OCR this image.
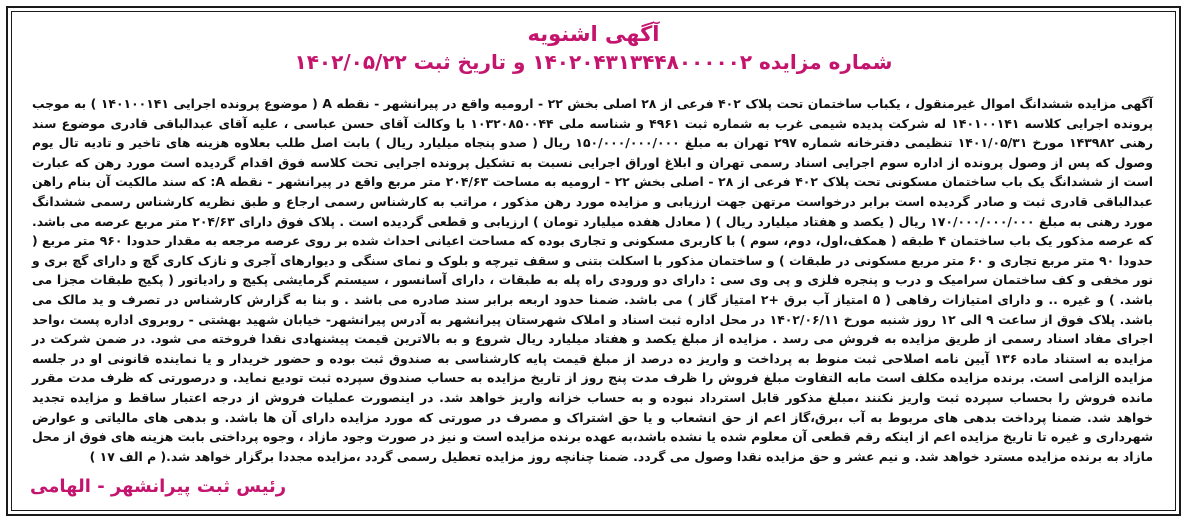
آگهی اشنویه
شماره مزایده ۱۴۰۲۰۴۳۱۳۴۴۸۰۰۰۰۰۲ و تاریخ ثبت ۱۴۰۲/۰۵/۲۲

آگهی مزایده ششدانگ اموال غیرمنقول ، یکباب ساختمان تحت پلاک ۴۰۲ فرعی از ۲۸ اصلی بخش ۲۲ - ارومیه واقع در پیرانشهر - نقطه A ( موضوع پرونده اجرایی ۱۴۰۱۰۰۱۴۱ ) به موجب پرونده اجرایی کلاسه ۱۴۰۱۰۰۱۴۱ له شرکت پدیده شیمی غرب به شماره ثبت ۴۹۶۱ و شناسه ملی ۱۰۳۲۰۸۵۰۰۴۴ با وکالت آقای حسن عباسی ، علیه آقای عبدالباقی قادری موضوع سند رهنی ۱۴۳۹۸۲ مورخ ۱۴۰۱/۰۵/۳۱ تنظیمی دفترخانه شماره ۲۹۷ تهران به مبلغ ۱۵۰/۰۰۰/۰۰۰/۰۰۰ ریال ( صدو پنجاه میلیارد ریال ) بابت اصل طلب بعلاوه هزینه های تاخیر و تادیه تال یوم وصول که پس از وصول پرونده از اداره سوم اجرایی اسناد رسمی تهران و ابلاغ اوراق اجرایی نسبت به تشکیل پرونده اجرایی تحت کلاسه فوق اقدام گردیده است مورد رهن که عبارت است از ششدانگ یک باب ساختمان مسکونی تحت پلاک ۴۰۲ فرعی از ۲۸ - اصلی بخش ۲۲ - ارومیه به مساحت ۲۰۴/۶۳ متر مربع واقع در پیرانشهر - نقطه A: که سند مالکیت آن بنام راهن عبدالباقی قادری ثبت و صادر گردیده است برابر درخواست مرتهن جهت ارزیابی و مزایده مورد رهن مذکور ، مراتب به کارشناس رسمی ارجاع و طبق نظریه کارشناس رسمی ششدانگ مورد رهنی به مبلغ ۱۷۰/۰۰۰/۰۰۰/۰۰۰ ریال ( یکصد و هفتاد میلیارد ریال ) ( معادل هفده میلیارد تومان ) ارزیابی و قطعی گردیده است . پلاک فوق دارای ۲۰۴/۶۳ متر مربع عرصه می باشد. که عرصه مذکور یک باب ساختمان ۴ طبقه ( همکف،اول، دوم، سوم ) با کاربری مسکونی و تجاری بوده که مساحت اعیانی احداث شده بر روی عرصه مرجعه به مقدار حدودا ۹۶۰ متر مربع ( حدودا ۹۰ متر مربع تجاری و ۶۰ متر مربع مسکونی در طبقات ) و ساختمان مذکور با اسکلت بتنی و سقف تیرچه و بلوک و نمای سنگی و دیوارهای آجری و نازک کاری گچ و دارای گچ بری و نور مخفی و کف ساختمان سرامیک و درب و پنجره فلزی و پی وی سی : دارای دو ورودی راه پله به طبقات ، دارای آسانسور ، سیستم گرمایشی پکیج و رادیاتور ( پکیج طبقات مجزا می باشد. ) و غیره .. و دارای امتیازات رفاهی ( ۵ امتیاز آب برق +۲ امتیاز گاز ) می باشد. ضمنا حدود اربعه برابر سند صادره می باشد . و بنا به گزارش کارشناس در تصرف و ید مالک می باشد. پلاک فوق از ساعت ۹ الی ۱۲ روز شنبه مورخ ۱۴۰۲/۰۶/۱۱ در محل اداره ثبت اسناد و املاک شهرستان پیرانشهر به آدرس پیرانشهر- خیابان شهید بهشتی - روبروی اداره پست ،واحد اجرای مفاد اسناد رسمی از طریق مزایده به فروش می رسد . مزایده از مبلغ یکصد و هفتاد میلیارد ریال شروع و به بالاترین قیمت پیشنهادی نقدا فروخته می شود. در ضمن شرکت در مزایده به استناد ماده ۱۳۶ آیین نامه اصلاحی ثبت منوط به پرداخت و واریز ده درصد از مبلغ قیمت پایه کارشناسی به صندوق ثبت بوده و حضور خریدار و یا نماینده قانونی او در جلسه مزایده الزامی است. برنده مزایده مکلف است مابه التفاوت مبلغ فروش را ظرف مدت پنج روز از تاریخ مزایده به حساب صندوق سپرده ثبت تودیع نماید. و درصورتی که ظرف مدت مقرر مانده فروش را بحساب سپرده ثبت واریز نکنند ،مبلغ مذکور قابل استرداد نبوده و به حساب خزانه واریز خواهد شد. در اینصورت عملیات فروش از درجه اعتبار ساقط و مزایده تجدید خواهد شد. ضمنا پرداخت بدهی های مربوط به آب ،برق،گاز اعم از حق انشعاب و یا حق اشتراک و مصرف در صورتی که مورد مزایده دارای آن ها باشد. و بدهی های مالیاتی و عوارض شهرداری و غیره تا تاریخ مزایده اعم از اینکه رقم قطعی آن معلوم شده یا نشده باشد،به عهده برنده مزایده است و نیز در صورت وجود مازاد ، وجوه پرداختی بابت هزینه های فوق از محل مازاد به برنده مزایده مسترد خواهد شد. و نیم عشر و حق مزایده نقدا وصول می گردد. ضمنا چنانچه روز مزایده تعطیل رسمی گردد ،مزایده مجددا برگزار خواهد شد.( م الف ۱۷ )

رئیس ثبت پیرانشهر - الهامی
